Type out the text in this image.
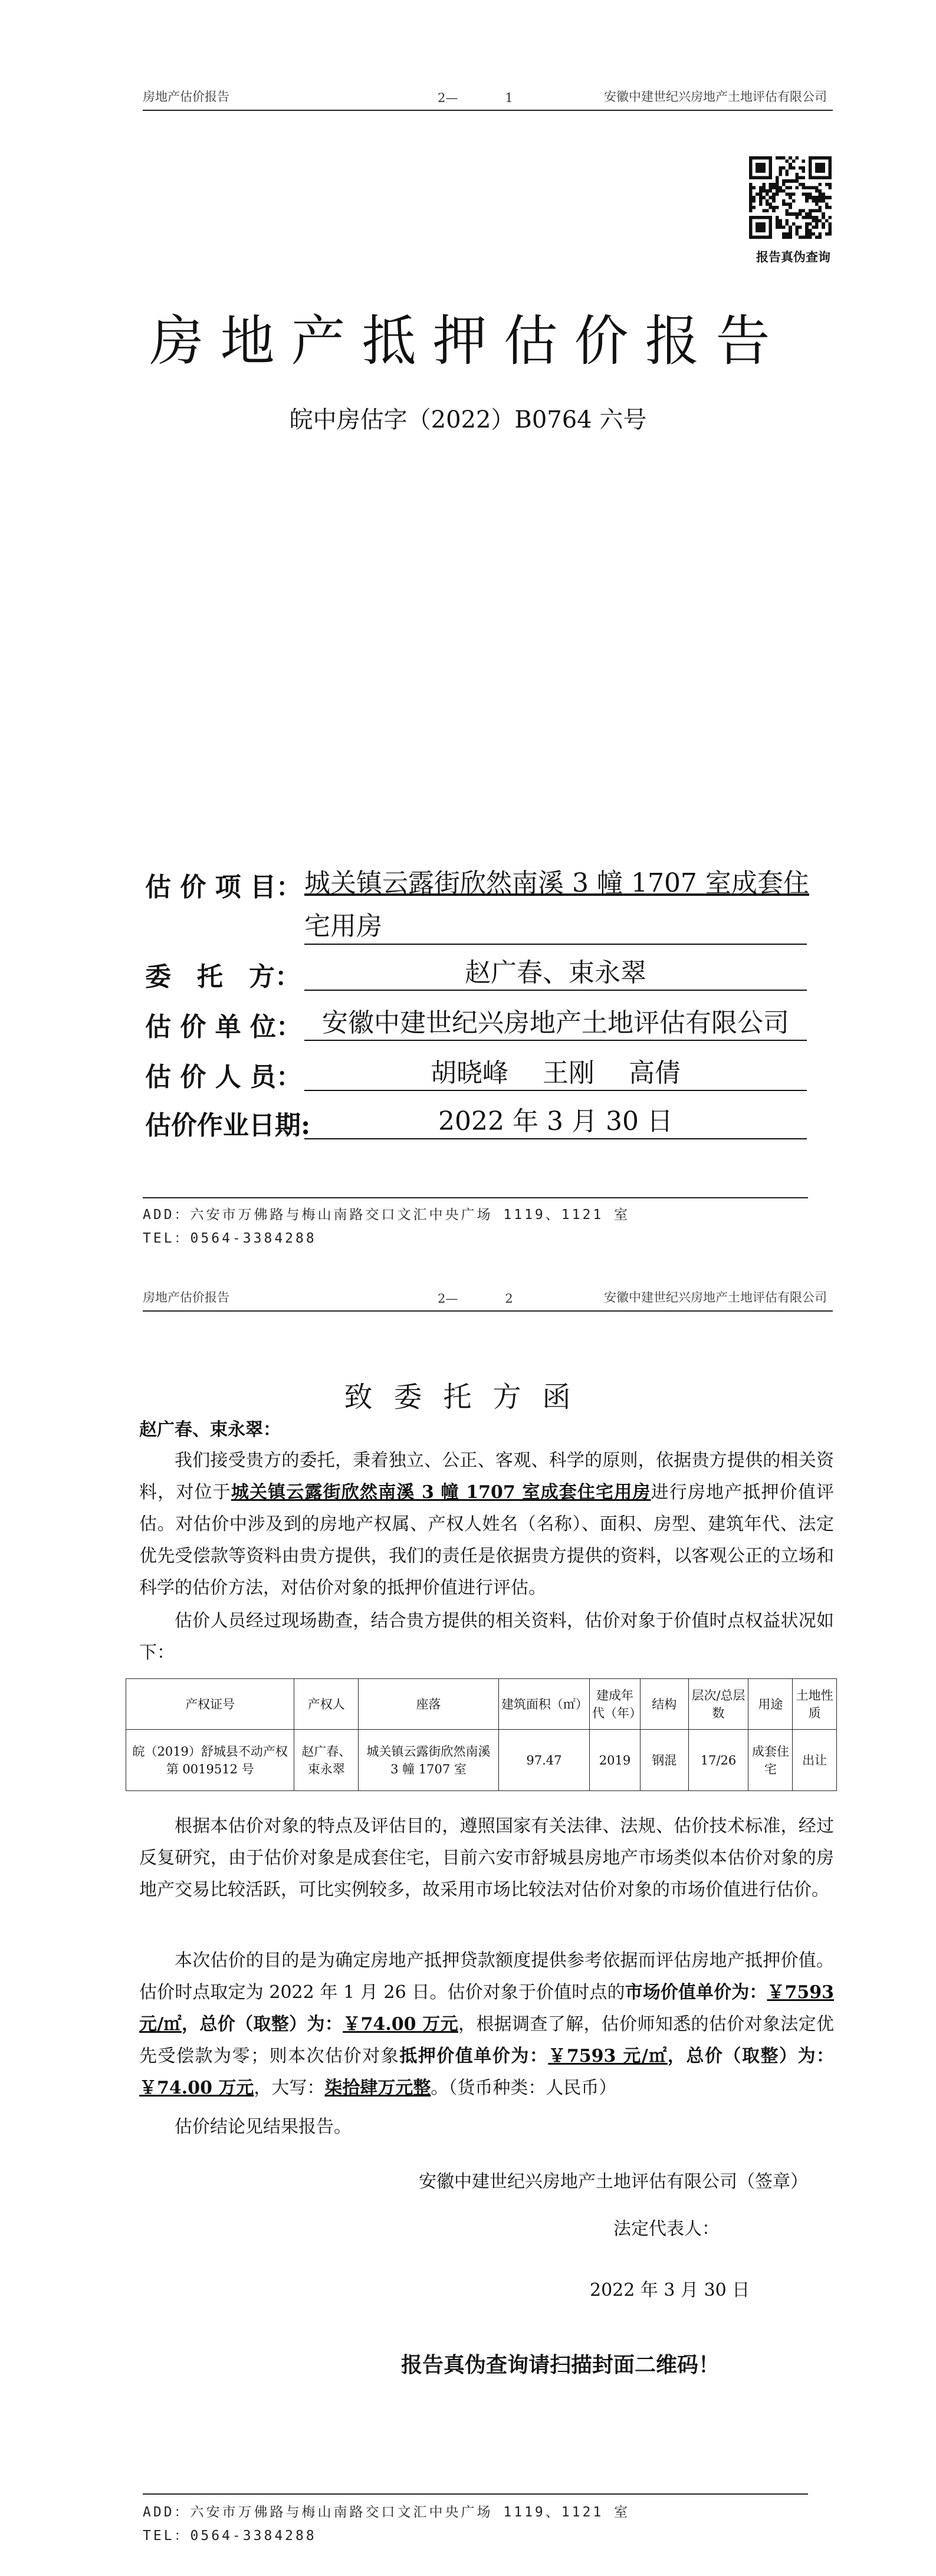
房地产估价报告	2—	1	安徽中建世纪兴房地产土地评估有限公司
报告真伪查询
房地产抵押估价报告
皖中房估字（2022）B0764 六号
估 价 项 目： 城关镇云露街欣然南溪 3 幢 1707 室成套住
宅用房
委　托　方：	赵广春、束永翠
估 价 单 位： 安徽中建世纪兴房地产土地评估有限公司
估 价 人 员：	胡晓峰　 王刚　 高倩
估价作业日期:	2022 年 3 月 30 日
ADD：六安市万佛路与梅山南路交口文汇中央广场 1119、1121 室
TEL：0564-3384288
房地产估价报告	2—	2	安徽中建世纪兴房地产土地评估有限公司
致委托方函
赵广春、束永翠：
我们接受贵方的委托，秉着独立、公正、客观、科学的原则，依据贵方提供的相关资料，对位于城关镇云露街欣然南溪 3 幢 1707 室成套住宅用房进行房地产抵押价值评估。对估价中涉及到的房地产权属、产权人姓名（名称）、面积、房型、建筑年代、法定优先受偿款等资料由贵方提供，我们的责任是依据贵方提供的资料，以客观公正的立场和科学的估价方法，对估价对象的抵押价值进行评估。
估价人员经过现场勘查，结合贵方提供的相关资料，估价对象于价值时点权益状况如下：
产权证号	产权人	座落	建筑面积（㎡）	建成年代（年）	结构	层次/总层数	用途	土地性质
皖（2019）舒城县不动产权第 0019512 号	赵广春、束永翠	城关镇云露街欣然南溪 3 幢 1707 室	97.47	2019	钢混	17/26	成套住宅	出让
根据本估价对象的特点及评估目的，遵照国家有关法律、法规、估价技术标准，经过反复研究，由于估价对象是成套住宅，目前六安市舒城县房地产市场类似本估价对象的房地产交易比较活跃，可比实例较多，故采用市场比较法对估价对象的市场价值进行估价。
本次估价的目的是为确定房地产抵押贷款额度提供参考依据而评估房地产抵押价值。估价时点取定为 2022 年 1 月 26 日。估价对象于价值时点的市场价值单价为：￥7593 元/㎡，总价（取整）为：￥74.00 万元，根据调查了解，估价师知悉的估价对象法定优先受偿款为零；则本次估价对象抵押价值单价为：￥7593 元/㎡，总价（取整）为：￥74.00 万元，大写：柒拾肆万元整。（货币种类：人民币）
估价结论见结果报告。
安徽中建世纪兴房地产土地评估有限公司（签章）
法定代表人：
2022 年 3 月 30 日
报告真伪查询请扫描封面二维码！
ADD：六安市万佛路与梅山南路交口文汇中央广场 1119、1121 室
TEL：0564-3384288
